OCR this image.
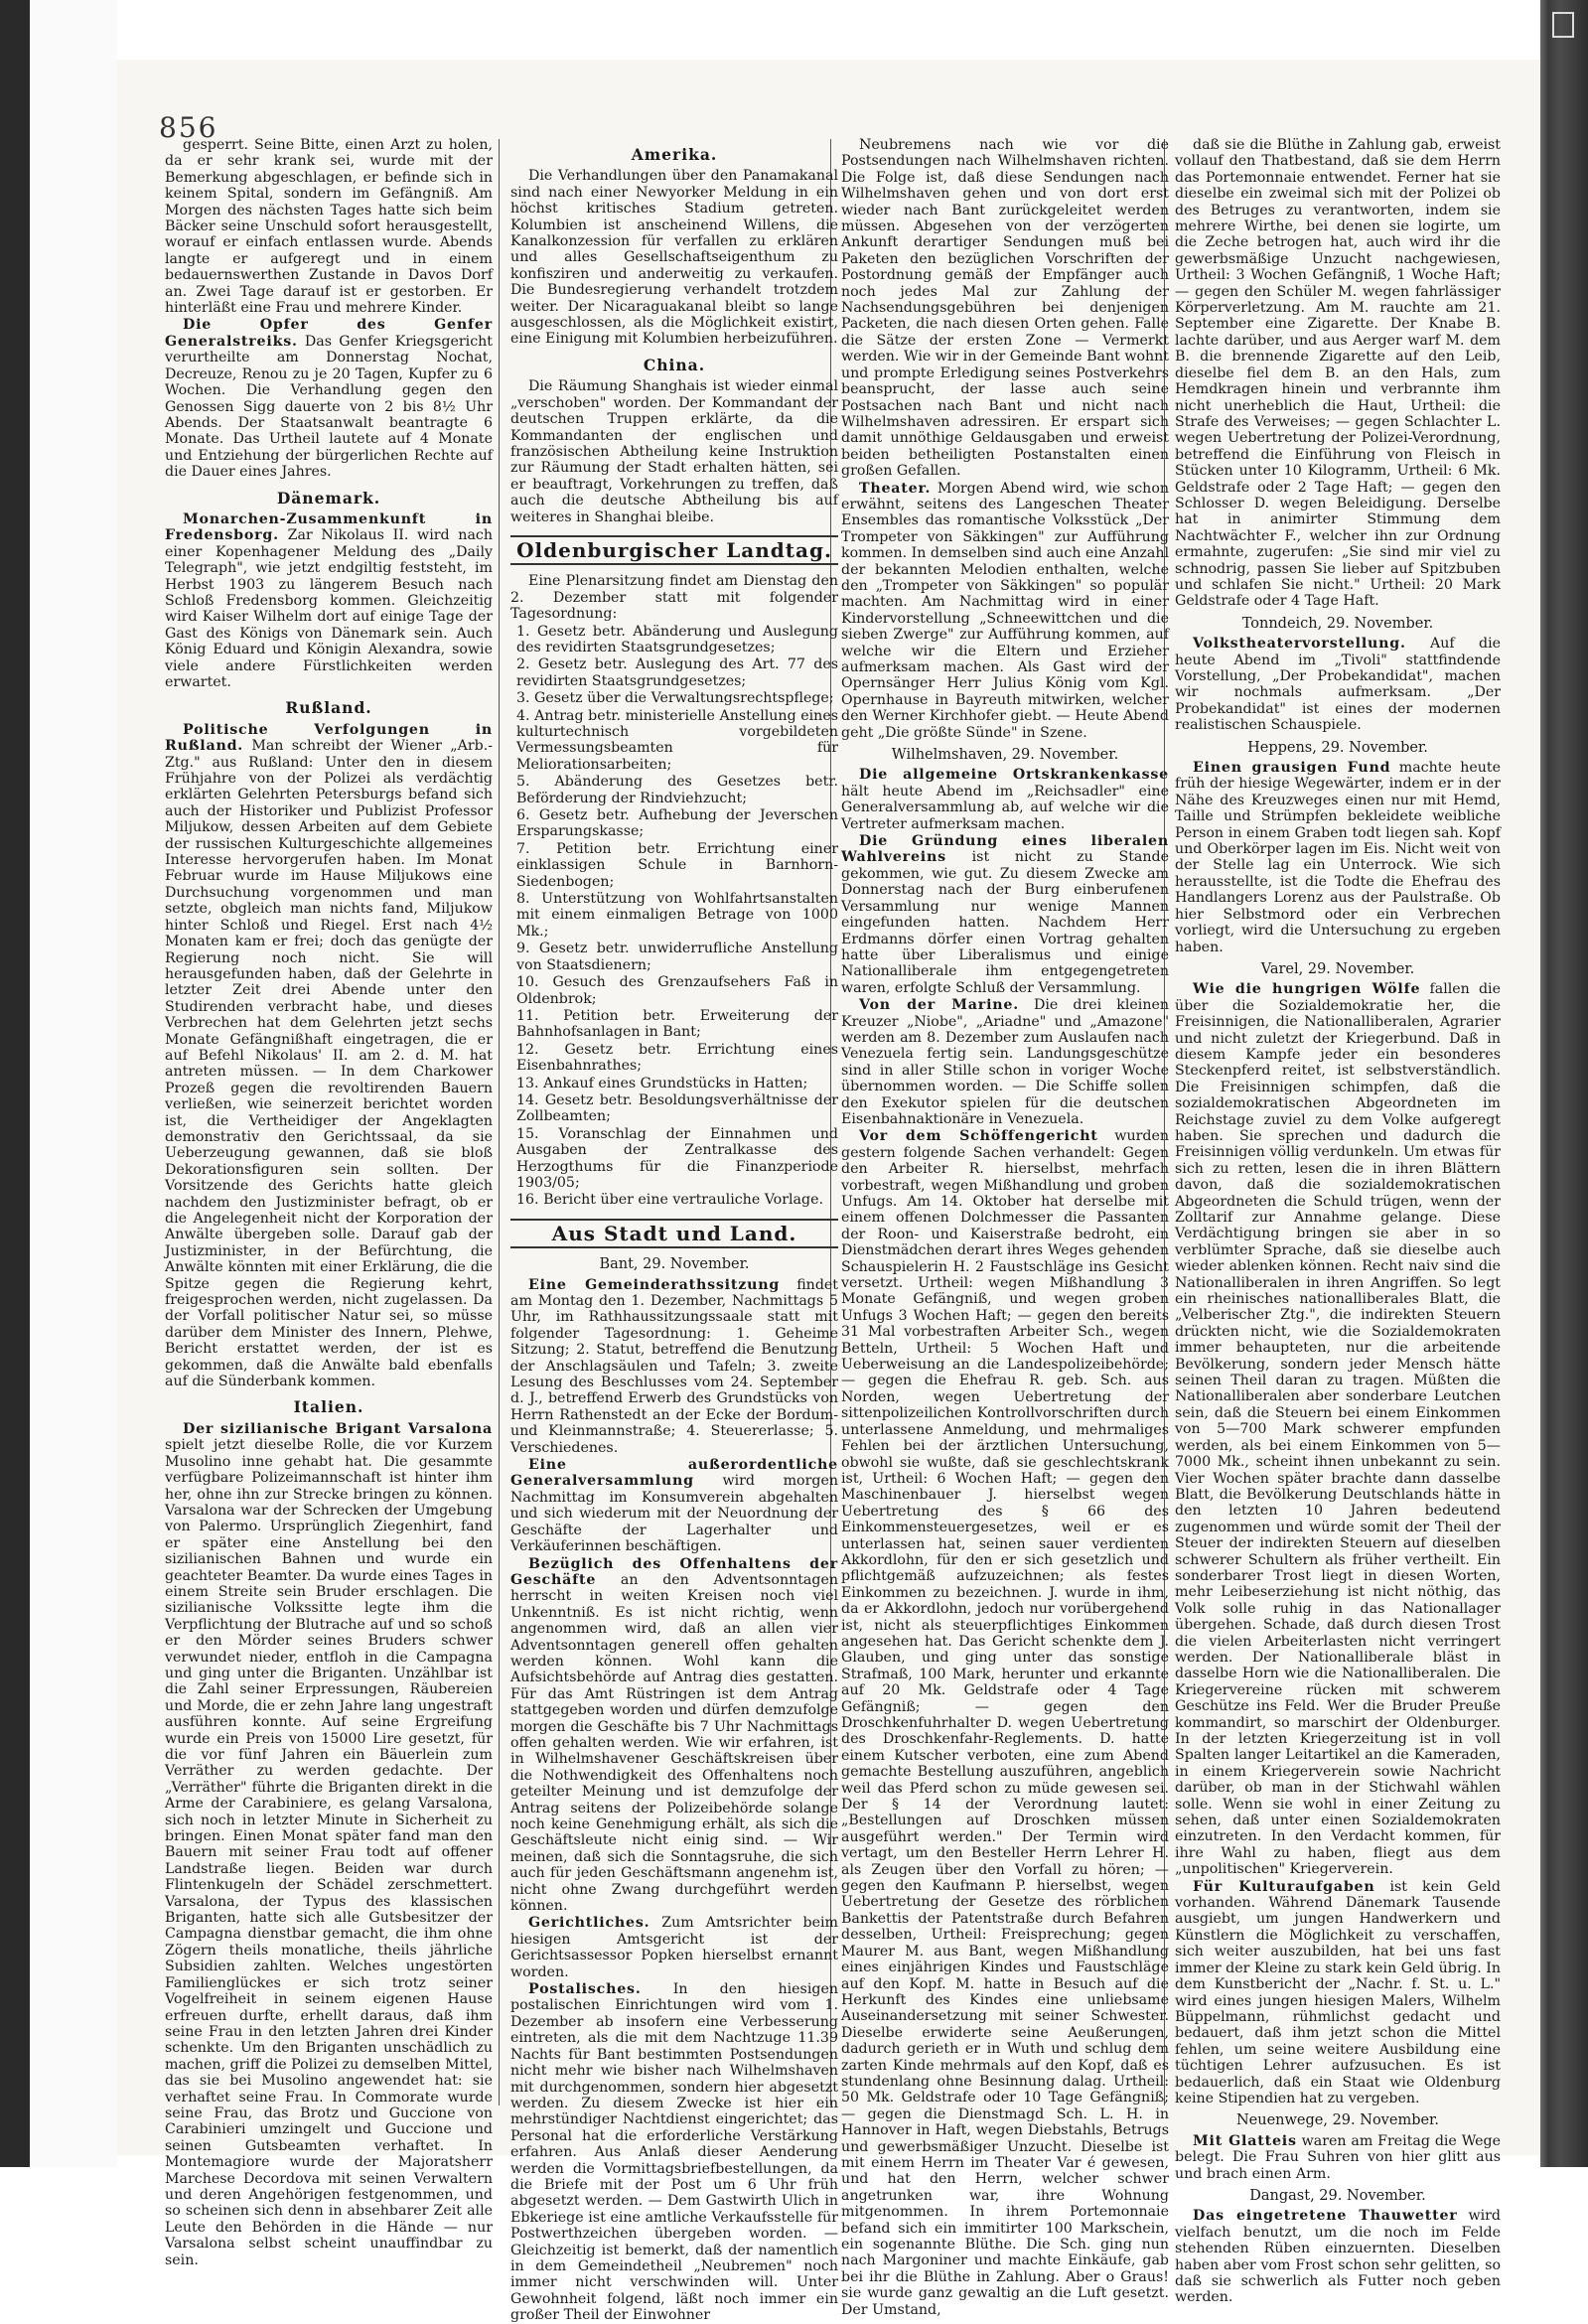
856

gesperrt. Seine Bitte, einen Arzt zu holen, da er sehr krank sei, wurde mit der Bemerkung abgeschlagen, er befinde sich in keinem Spital, sondern im Gefängniß. Am Morgen des nächsten Tages hatte sich beim Bäcker seine Unschuld sofort herausgestellt, worauf er einfach entlassen wurde. Abends langte er aufgeregt und in einem bedauernswerthen Zustande in Davos Dorf an. Zwei Tage darauf ist er gestorben. Er hinterläßt eine Frau und mehrere Kinder.

Die Opfer des Genfer Generalstreiks. Das Genfer Kriegsgericht verurtheilte am Donnerstag Nochat, Decreuze, Renou zu je 20 Tagen, Kupfer zu 6 Wochen. Die Verhandlung gegen den Genossen Sigg dauerte von 2 bis 8½ Uhr Abends. Der Staatsanwalt beantragte 6 Monate. Das Urtheil lautete auf 4 Monate und Entziehung der bürgerlichen Rechte auf die Dauer eines Jahres.

Dänemark.

Monarchen-Zusammenkunft in Fredensborg. Zar Nikolaus II. wird nach einer Kopenhagener Meldung des „Daily Telegraph", wie jetzt endgiltig feststeht, im Herbst 1903 zu längerem Besuch nach Schloß Fredensborg kommen. Gleichzeitig wird Kaiser Wilhelm dort auf einige Tage der Gast des Königs von Dänemark sein. Auch König Eduard und Königin Alexandra, sowie viele andere Fürstlichkeiten werden erwartet.

Rußland.

Politische Verfolgungen in Rußland. Man schreibt der Wiener „Arb.-Ztg." aus Rußland: Unter den in diesem Frühjahre von der Polizei als verdächtig erklärten Gelehrten Petersburgs befand sich auch der Historiker und Publizist Professor Miljukow, dessen Arbeiten auf dem Gebiete der russischen Kulturgeschichte allgemeines Interesse hervorgerufen haben. Im Monat Februar wurde im Hause Miljukows eine Durchsuchung vorgenommen und man setzte, obgleich man nichts fand, Miljukow hinter Schloß und Riegel. Erst nach 4½ Monaten kam er frei; doch das genügte der Regierung noch nicht. Sie will herausgefunden haben, daß der Gelehrte in letzter Zeit drei Abende unter den Studirenden verbracht habe, und dieses Verbrechen hat dem Gelehrten jetzt sechs Monate Gefängnißhaft eingetragen, die er auf Befehl Nikolaus' II. am 2. d. M. hat antreten müssen. — In dem Charkower Prozeß gegen die revoltirenden Bauern verließen, wie seinerzeit berichtet worden ist, die Vertheidiger der Angeklagten demonstrativ den Gerichtssaal, da sie Ueberzeugung gewannen, daß sie bloß Dekorationsfiguren sein sollten. Der Vorsitzende des Gerichts hatte gleich nachdem den Justizminister befragt, ob er die Angelegenheit nicht der Korporation der Anwälte übergeben solle. Darauf gab der Justizminister, in der Befürchtung, die Anwälte könnten mit einer Erklärung, die die Spitze gegen die Regierung kehrt, freigesprochen werden, nicht zugelassen. Da der Vorfall politischer Natur sei, so müsse darüber dem Minister des Innern, Plehwe, Bericht erstattet werden, der ist es gekommen, daß die Anwälte bald ebenfalls auf die Sünderbank kommen.

Italien.

Der sizilianische Brigant Varsalona spielt jetzt dieselbe Rolle, die vor Kurzem Musolino inne gehabt hat. Die gesammte verfügbare Polizeimannschaft ist hinter ihm her, ohne ihn zur Strecke bringen zu können. Varsalona war der Schrecken der Umgebung von Palermo. Ursprünglich Ziegenhirt, fand er später eine Anstellung bei den sizilianischen Bahnen und wurde ein geachteter Beamter. Da wurde eines Tages in einem Streite sein Bruder erschlagen. Die sizilianische Volkssitte legte ihm die Verpflichtung der Blutrache auf und so schoß er den Mörder seines Bruders schwer verwundet nieder, entfloh in die Campagna und ging unter die Briganten. Unzählbar ist die Zahl seiner Erpressungen, Räubereien und Morde, die er zehn Jahre lang ungestraft ausführen konnte. Auf seine Ergreifung wurde ein Preis von 15000 Lire gesetzt, für die vor fünf Jahren ein Bäuerlein zum Verräther zu werden gedachte. Der „Verräther" führte die Briganten direkt in die Arme der Carabiniere, es gelang Varsalona, sich noch in letzter Minute in Sicherheit zu bringen. Einen Monat später fand man den Bauern mit seiner Frau todt auf offener Landstraße liegen. Beiden war durch Flintenkugeln der Schädel zerschmettert. Varsalona, der Typus des klassischen Briganten, hatte sich alle Gutsbesitzer der Campagna dienstbar gemacht, die ihm ohne Zögern theils monatliche, theils jährliche Subsidien zahlten. Welches ungestörten Familienglückes er sich trotz seiner Vogelfreiheit in seinem eigenen Hause erfreuen durfte, erhellt daraus, daß ihm seine Frau in den letzten Jahren drei Kinder schenkte. Um den Briganten unschädlich zu machen, griff die Polizei zu demselben Mittel, das sie bei Musolino angewendet hat: sie verhaftet seine Frau. In Commorate wurde seine Frau, das Brotz und Guccione von Carabinieri umzingelt und Guccione und seinen Gutsbeamten verhaftet. In Montemagiore wurde der Majoratsherr Marchese Decordova mit seinen Verwaltern und deren Angehörigen festgenommen, und so scheinen sich denn in absehbarer Zeit alle Leute den Behörden in die Hände — nur Varsalona selbst scheint unauffindbar zu sein.

Amerika.

Die Verhandlungen über den Panamakanal sind nach einer Newyorker Meldung in ein höchst kritisches Stadium getreten. Kolumbien ist anscheinend Willens, die Kanalkonzession für verfallen zu erklären und alles Gesellschaftseigenthum zu konfisziren und anderweitig zu verkaufen. Die Bundesregierung verhandelt trotzdem weiter. Der Nicaraguakanal bleibt so lange ausgeschlossen, als die Möglichkeit existirt, eine Einigung mit Kolumbien herbeizuführen.

China.

Die Räumung Shanghais ist wieder einmal „verschoben" worden. Der Kommandant der deutschen Truppen erklärte, da die Kommandanten der englischen und französischen Abtheilung keine Instruktion zur Räumung der Stadt erhalten hätten, sei er beauftragt, Vorkehrungen zu treffen, daß auch die deutsche Abtheilung bis auf weiteres in Shanghai bleibe.

Oldenburgischer Landtag.

Eine Plenarsitzung findet am Dienstag den 2. Dezember statt mit folgender Tagesordnung:

1. Gesetz betr. Abänderung und Auslegung des revidirten Staatsgrundgesetzes;

2. Gesetz betr. Auslegung des Art. 77 des revidirten Staatsgrundgesetzes;

3. Gesetz über die Verwaltungsrechtspflege;

4. Antrag betr. ministerielle Anstellung eines kulturtechnisch vorgebildeten Vermessungsbeamten für Meliorationsarbeiten;

5. Abänderung des Gesetzes betr. Beförderung der Rindviehzucht;

6. Gesetz betr. Aufhebung der Jeverschen Ersparungskasse;

7. Petition betr. Errichtung einer einklassigen Schule in Barnhorn-Siedenbogen;

8. Unterstützung von Wohlfahrtsanstalten mit einem einmaligen Betrage von 1000 Mk.;

9. Gesetz betr. unwiderrufliche Anstellung von Staatsdienern;

10. Gesuch des Grenzaufsehers Faß in Oldenbrok;

11. Petition betr. Erweiterung der Bahnhofsanlagen in Bant;

12. Gesetz betr. Errichtung eines Eisenbahnrathes;

13. Ankauf eines Grundstücks in Hatten;

14. Gesetz betr. Besoldungsverhältnisse der Zollbeamten;

15. Voranschlag der Einnahmen und Ausgaben der Zentralkasse des Herzogthums für die Finanzperiode 1903/05;

16. Bericht über eine vertrauliche Vorlage.

Aus Stadt und Land.
Bant, 29. November.

Eine Gemeinderathssitzung findet am Montag den 1. Dezember, Nachmittags 5 Uhr, im Rathhaussitzungssaale statt mit folgender Tagesordnung: 1. Geheime Sitzung; 2. Statut, betreffend die Benutzung der Anschlagsäulen und Tafeln; 3. zweite Lesung des Beschlusses vom 24. September d. J., betreffend Erwerb des Grundstücks von Herrn Rathenstedt an der Ecke der Bordum- und Kleinmannstraße; 4. Steuererlasse; 5. Verschiedenes.

Eine außerordentliche Generalversammlung wird morgen Nachmittag im Konsumverein abgehalten und sich wiederum mit der Neuordnung der Geschäfte der Lagerhalter und Verkäuferinnen beschäftigen.

Bezüglich des Offenhaltens der Geschäfte an den Adventsonntagen herrscht in weiten Kreisen noch viel Unkenntniß. Es ist nicht richtig, wenn angenommen wird, daß an allen vier Adventsonntagen generell offen gehalten werden können. Wohl kann die Aufsichtsbehörde auf Antrag dies gestatten. Für das Amt Rüstringen ist dem Antrag stattgegeben worden und dürfen demzufolge morgen die Geschäfte bis 7 Uhr Nachmittags offen gehalten werden. Wie wir erfahren, ist in Wilhelmshavener Geschäftskreisen über die Nothwendigkeit des Offenhaltens noch geteilter Meinung und ist demzufolge der Antrag seitens der Polizeibehörde solange noch keine Genehmigung erhält, als sich die Geschäftsleute nicht einig sind. — Wir meinen, daß sich die Sonntagsruhe, die sich auch für jeden Geschäftsmann angenehm ist, nicht ohne Zwang durchgeführt werden können.

Gerichtliches. Zum Amtsrichter beim hiesigen Amtsgericht ist der Gerichtsassessor Popken hierselbst ernannt worden.

Postalisches. In den hiesigen postalischen Einrichtungen wird vom 1. Dezember ab insofern eine Verbesserung eintreten, als die mit dem Nachtzuge 11.39 Nachts für Bant bestimmten Postsendungen nicht mehr wie bisher nach Wilhelmshaven mit durchgenommen, sondern hier abgesetzt werden. Zu diesem Zwecke ist hier ein mehrstündiger Nachtdienst eingerichtet; das Personal hat die erforderliche Verstärkung erfahren. Aus Anlaß dieser Aenderung werden die Vormittagsbriefbestellungen, da die Briefe mit der Post um 6 Uhr früh abgesetzt werden. — Dem Gastwirth Ulich in Ebkeriege ist eine amtliche Verkaufsstelle für Postwerthzeichen übergeben worden. — Gleichzeitig ist bemerkt, daß der namentlich in dem Gemeindetheil „Neubremen" noch immer nicht verschwinden will. Unter Gewohnheit folgend, läßt noch immer ein großer Theil der Einwohner

Neubremens nach wie vor die Postsendungen nach Wilhelmshaven richten. Die Folge ist, daß diese Sendungen nach Wilhelmshaven gehen und von dort erst wieder nach Bant zurückgeleitet werden müssen. Abgesehen von der verzögerten Ankunft derartiger Sendungen muß bei Paketen den bezüglichen Vorschriften der Postordnung gemäß der Empfänger auch noch jedes Mal zur Zahlung der Nachsendungsgebühren bei denjenigen Packeten, die nach diesen Orten gehen. Falle die Sätze der ersten Zone — Vermerkt werden. Wie wir in der Gemeinde Bant wohnt und prompte Erledigung seines Postverkehrs beansprucht, der lasse auch seine Postsachen nach Bant und nicht nach Wilhelmshaven adressiren. Er erspart sich damit unnöthige Geldausgaben und erweist beiden betheiligten Postanstalten einen großen Gefallen.

Theater. Morgen Abend wird, wie schon erwähnt, seitens des Langeschen Theater Ensembles das romantische Volksstück „Der Trompeter von Säkkingen" zur Aufführung kommen. In demselben sind auch eine Anzahl der bekannten Melodien enthalten, welche den „Trompeter von Säkkingen" so populär machten. Am Nachmittag wird in einer Kindervorstellung „Schneewittchen und die sieben Zwerge" zur Aufführung kommen, auf welche wir die Eltern und Erzieher aufmerksam machen. Als Gast wird der Opernsänger Herr Julius König vom Kgl. Opernhause in Bayreuth mitwirken, welcher den Werner Kirchhofer giebt. — Heute Abend geht „Die größte Sünde" in Szene.

Wilhelmshaven, 29. November.

Die allgemeine Ortskrankenkasse hält heute Abend im „Reichsadler" eine Generalversammlung ab, auf welche wir die Vertreter aufmerksam machen.

Die Gründung eines liberalen Wahlvereins ist nicht zu Stande gekommen, wie gut. Zu diesem Zwecke am Donnerstag nach der Burg einberufenen Versammlung nur wenige Mannen eingefunden hatten. Nachdem Herr Erdmanns dörfer einen Vortrag gehalten hatte über Liberalismus und einige Nationalliberale ihm entgegengetreten waren, erfolgte Schluß der Versammlung.

Von der Marine. Die drei kleinen Kreuzer „Niobe", „Ariadne" und „Amazone" werden am 8. Dezember zum Auslaufen nach Venezuela fertig sein. Landungsgeschütze sind in aller Stille schon in voriger Woche übernommen worden. — Die Schiffe sollen den Exekutor spielen für die deutschen Eisenbahnaktionäre in Venezuela.

Vor dem Schöffengericht wurden gestern folgende Sachen verhandelt: Gegen den Arbeiter R. hierselbst, mehrfach vorbestraft, wegen Mißhandlung und groben Unfugs. Am 14. Oktober hat derselbe mit einem offenen Dolchmesser die Passanten der Roon- und Kaiserstraße bedroht, ein Dienstmädchen derart ihres Weges gehenden Schauspielerin H. 2 Faustschläge ins Gesicht versetzt. Urtheil: wegen Mißhandlung 3 Monate Gefängniß, und wegen groben Unfugs 3 Wochen Haft; — gegen den bereits 31 Mal vorbestraften Arbeiter Sch., wegen Betteln, Urtheil: 5 Wochen Haft und Ueberweisung an die Landespolizeibehörde; — gegen die Ehefrau R. geb. Sch. aus Norden, wegen Uebertretung der sittenpolizeilichen Kontrollvorschriften durch unterlassene Anmeldung, und mehrmaliges Fehlen bei der ärztlichen Untersuchung, obwohl sie wußte, daß sie geschlechtskrank ist, Urtheil: 6 Wochen Haft; — gegen den Maschinenbauer J. hierselbst wegen Uebertretung des § 66 des Einkommensteuergesetzes, weil er es unterlassen hat, seinen sauer verdienten Akkordlohn, für den er sich gesetzlich und pflichtgemäß aufzuzeichnen; als festes Einkommen zu bezeichnen. J. wurde in ihm, da er Akkordlohn, jedoch nur vorübergehend ist, nicht als steuerpflichtiges Einkommen angesehen hat. Das Gericht schenkte dem J. Glauben, und ging unter das sonstige Strafmaß, 100 Mark, herunter und erkannte auf 20 Mk. Geldstrafe oder 4 Tage Gefängniß; — gegen den Droschkenfuhrhalter D. wegen Uebertretung des Droschkenfahr-Reglements. D. hatte einem Kutscher verboten, eine zum Abend gemachte Bestellung auszuführen, angeblich weil das Pferd schon zu müde gewesen sei. Der § 14 der Verordnung lautet: „Bestellungen auf Droschken müssen ausgeführt werden." Der Termin wird vertagt, um den Besteller Herrn Lehrer H. als Zeugen über den Vorfall zu hören; — gegen den Kaufmann P. hierselbst, wegen Uebertretung der Gesetze des rörblichen Bankettis der Patentstraße durch Befahren desselben, Urtheil: Freisprechung; gegen Maurer M. aus Bant, wegen Mißhandlung eines einjährigen Kindes und Faustschläge auf den Kopf. M. hatte in Besuch auf die Herkunft des Kindes eine unliebsame Auseinandersetzung mit seiner Schwester. Dieselbe erwiderte seine Aeußerungen, dadurch gerieth er in Wuth und schlug dem zarten Kinde mehrmals auf den Kopf, daß es stundenlang ohne Besinnung dalag. Urtheil: 50 Mk. Geldstrafe oder 10 Tage Gefängniß; — gegen die Dienstmagd Sch. L. H. in Hannover in Haft, wegen Diebstahls, Betrugs und gewerbsmäßiger Unzucht. Dieselbe ist mit einem Herrn im Theater Var é gewesen, und hat den Herrn, welcher schwer angetrunken war, ihre Wohnung mitgenommen. In ihrem Portemonnaie befand sich ein immitirter 100 Markschein, ein sogenannte Blüthe. Die Sch. ging nun nach Margoniner und machte Einkäufe, gab bei ihr die Blüthe in Zahlung. Aber o Graus! sie wurde ganz gewaltig an die Luft gesetzt. Der Umstand,

daß sie die Blüthe in Zahlung gab, erweist vollauf den Thatbestand, daß sie dem Herrn das Portemonnaie entwendet. Ferner hat sie dieselbe ein zweimal sich mit der Polizei ob des Betruges zu verantworten, indem sie mehrere Wirthe, bei denen sie logirte, um die Zeche betrogen hat, auch wird ihr die gewerbsmäßige Unzucht nachgewiesen, Urtheil: 3 Wochen Gefängniß, 1 Woche Haft; — gegen den Schüler M. wegen fahrlässiger Körperverletzung. Am M. rauchte am 21. September eine Zigarette. Der Knabe B. lachte darüber, und aus Aerger warf M. dem B. die brennende Zigarette auf den Leib, dieselbe fiel dem B. an den Hals, zum Hemdkragen hinein und verbrannte ihm nicht unerheblich die Haut, Urtheil: die Strafe des Verweises; — gegen Schlachter L. wegen Uebertretung der Polizei-Verordnung, betreffend die Einführung von Fleisch in Stücken unter 10 Kilogramm, Urtheil: 6 Mk. Geldstrafe oder 2 Tage Haft; — gegen den Schlosser D. wegen Beleidigung. Derselbe hat in animirter Stimmung dem Nachtwächter F., welcher ihn zur Ordnung ermahnte, zugerufen: „Sie sind mir viel zu schnodrig, passen Sie lieber auf Spitzbuben und schlafen Sie nicht." Urtheil: 20 Mark Geldstrafe oder 4 Tage Haft.

Tonndeich, 29. November.

Volkstheatervorstellung. Auf die heute Abend im „Tivoli" stattfindende Vorstellung, „Der Probekandidat", machen wir nochmals aufmerksam. „Der Probekandidat" ist eines der modernen realistischen Schauspiele.

Heppens, 29. November.

Einen grausigen Fund machte heute früh der hiesige Wegewärter, indem er in der Nähe des Kreuzweges einen nur mit Hemd, Taille und Strümpfen bekleidete weibliche Person in einem Graben todt liegen sah. Kopf und Oberkörper lagen im Eis. Nicht weit von der Stelle lag ein Unterrock. Wie sich herausstellte, ist die Todte die Ehefrau des Handlangers Lorenz aus der Paulstraße. Ob hier Selbstmord oder ein Verbrechen vorliegt, wird die Untersuchung zu ergeben haben.

Varel, 29. November.

Wie die hungrigen Wölfe fallen die über die Sozialdemokratie her, die Freisinnigen, die Nationalliberalen, Agrarier und nicht zuletzt der Kriegerbund. Daß in diesem Kampfe jeder ein besonderes Steckenpferd reitet, ist selbstverständlich. Die Freisinnigen schimpfen, daß die sozialdemokratischen Abgeordneten im Reichstage zuviel zu dem Volke aufgeregt haben. Sie sprechen und dadurch die Freisinnigen völlig verdunkeln. Um etwas für sich zu retten, lesen die in ihren Blättern davon, daß die sozialdemokratischen Abgeordneten die Schuld trügen, wenn der Zolltarif zur Annahme gelange. Diese Verdächtigung bringen sie aber in so verblümter Sprache, daß sie dieselbe auch wieder ablenken können. Recht naiv sind die Nationalliberalen in ihren Angriffen. So legt ein rheinisches nationalliberales Blatt, die „Velberischer Ztg.", die indirekten Steuern drückten nicht, wie die Sozialdemokraten immer behaupteten, nur die arbeitende Bevölkerung, sondern jeder Mensch hätte seinen Theil daran zu tragen. Müßten die Nationalliberalen aber sonderbare Leutchen sein, daß die Steuern bei einem Einkommen von 5—700 Mark schwerer empfunden werden, als bei einem Einkommen von 5—7000 Mk., scheint ihnen unbekannt zu sein. Vier Wochen später brachte dann dasselbe Blatt, die Bevölkerung Deutschlands hätte in den letzten 10 Jahren bedeutend zugenommen und würde somit der Theil der Steuer der indirekten Steuern auf dieselben schwerer Schultern als früher vertheilt. Ein sonderbarer Trost liegt in diesen Worten, mehr Leibeserziehung ist nicht nöthig, das Volk solle ruhig in das Nationallager übergehen. Schade, daß durch diesen Trost die vielen Arbeiterlasten nicht verringert werden. Der Nationalliberale bläst in dasselbe Horn wie die Nationalliberalen. Die Kriegervereine rücken mit schwerem Geschütze ins Feld. Wer die Bruder Preuße kommandirt, so marschirt der Oldenburger. In der letzten Kriegerzeitung ist in voll Spalten langer Leitartikel an die Kameraden, in einem Kriegerverein sowie Nachricht darüber, ob man in der Stichwahl wählen solle. Wenn sie wohl in einer Zeitung zu sehen, daß unter einen Sozialdemokraten einzutreten. In den Verdacht kommen, für ihre Wahl zu haben, fliegt aus dem „unpolitischen" Kriegerverein.

Für Kulturaufgaben ist kein Geld vorhanden. Während Dänemark Tausende ausgiebt, um jungen Handwerkern und Künstlern die Möglichkeit zu verschaffen, sich weiter auszubilden, hat bei uns fast immer der Kleine zu stark kein Geld übrig. In dem Kunstbericht der „Nachr. f. St. u. L." wird eines jungen hiesigen Malers, Wilhelm Büppelmann, rühmlichst gedacht und bedauert, daß ihm jetzt schon die Mittel fehlen, um seine weitere Ausbildung eine tüchtigen Lehrer aufzusuchen. Es ist bedauerlich, daß ein Staat wie Oldenburg keine Stipendien hat zu vergeben.

Neuenwege, 29. November.

Mit Glatteis waren am Freitag die Wege belegt. Die Frau Suhren von hier glitt aus und brach einen Arm.

Dangast, 29. November.

Das eingetretene Thauwetter wird vielfach benutzt, um die noch im Felde stehenden Rüben einzuernten. Dieselben haben aber vom Frost schon sehr gelitten, so daß sie schwerlich als Futter noch geben werden.
